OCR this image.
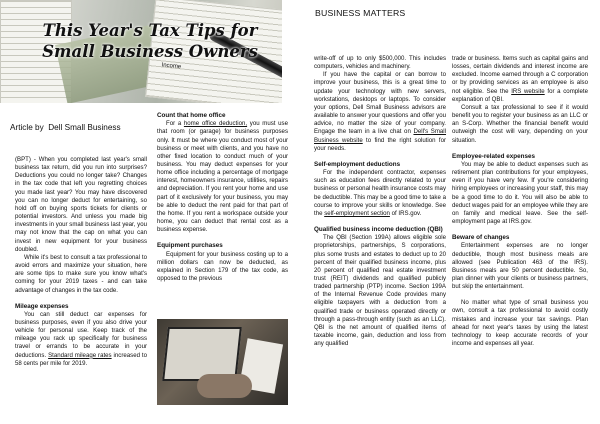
Income
This Year's Tax Tips for
Small Business Owners
Article by Dell Small Business
BUSINESS MATTERS

(BPT) - When you completed last year's small business tax return, did you run into surprises? Deductions you could no longer take? Changes in the tax code that left you regretting choices you made last year? You may have discovered you can no longer deduct for entertaining, so hold off on buying sports tickets for clients or potential investors. And unless you made big investments in your small business last year, you may not know that the cap on what you can invest in new equipment for your business doubled.

While it's best to consult a tax professional to avoid errors and maximize your situation, here are some tips to make sure you know what's coming for your 2019 taxes - and can take advantage of changes in the tax code.

Mileage expenses

You can still deduct car expenses for business purposes, even if you also drive your vehicle for personal use. Keep track of the mileage you rack up specifically for business travel or errands to be accurate in your deductions. Standard mileage rates increased to 58 cents per mile for 2019.

Count that home office

For a home office deduction, you must use that room (or garage) for business purposes only. It must be where you conduct most of your business or meet with clients, and you have no other fixed location to conduct much of your business. You may deduct expenses for your home office including a percentage of mortgage interest, homeowners insurance, utilities, repairs and depreciation. If you rent your home and use part of it exclusively for your business, you may be able to deduct the rent paid for that part of the home. If you rent a workspace outside your home, you can deduct that rental cost as a business expense.

Equipment purchases

Equipment for your business costing up to a million dollars can now be deducted, as explained in Section 179 of the tax code, as opposed to the previous

write-off of up to only $500,000. This includes computers, vehicles and machinery.

If you have the capital or can borrow to improve your business, this is a great time to update your technology with new servers, workstations, desktops or laptops. To consider your options, Dell Small Business advisors are available to answer your questions and offer you advice, no matter the size of your company. Engage the team in a live chat on Dell's Small Business website to find the right solution for your needs.

Self-employment deductions

For the independent contractor, expenses such as education fees directly related to your business or personal health insurance costs may be deductible. This may be a good time to take a course to improve your skills or knowledge. See the self-employment section of IRS.gov.

Qualified business income deduction (QBI)

The QBI (Section 199A) allows eligible sole proprietorships, partnerships, S corporations, plus some trusts and estates to deduct up to 20 percent of their qualified business income, plus 20 percent of qualified real estate investment trust (REIT) dividends and qualified publicly traded partnership (PTP) income. Section 199A of the Internal Revenue Code provides many eligible taxpayers with a deduction from a qualified trade or business operated directly or through a pass-through entity (such as an LLC). QBI is the net amount of qualified items of taxable income, gain, deduction and loss from any qualified

trade or business. Items such as capital gains and losses, certain dividends and interest income are excluded. Income earned through a C corporation or by providing services as an employee is also not eligible. See the IRS website for a complete explanation of QBI.

Consult a tax professional to see if it would benefit you to register your business as an LLC or an S-Corp. Whether the financial benefit would outweigh the cost will vary, depending on your situation.

Employee-related expenses

You may be able to deduct expenses such as retirement plan contributions for your employees, even if you have very few. If you're considering hiring employees or increasing your staff, this may be a good time to do it. You will also be able to deduct wages paid for an employee while they are on family and medical leave. See the self-employment page at IRS.gov.

Beware of changes

Entertainment expenses are no longer deductible, though most business meals are allowed (see Publication 463 of the IRS). Business meals are 50 percent deductible. So, plan dinner with your clients or business partners, but skip the entertainment.

No matter what type of small business you own, consult a tax professional to avoid costly mistakes and increase your tax savings. Plan ahead for next year's taxes by using the latest technology to keep accurate records of your income and expenses all year.
